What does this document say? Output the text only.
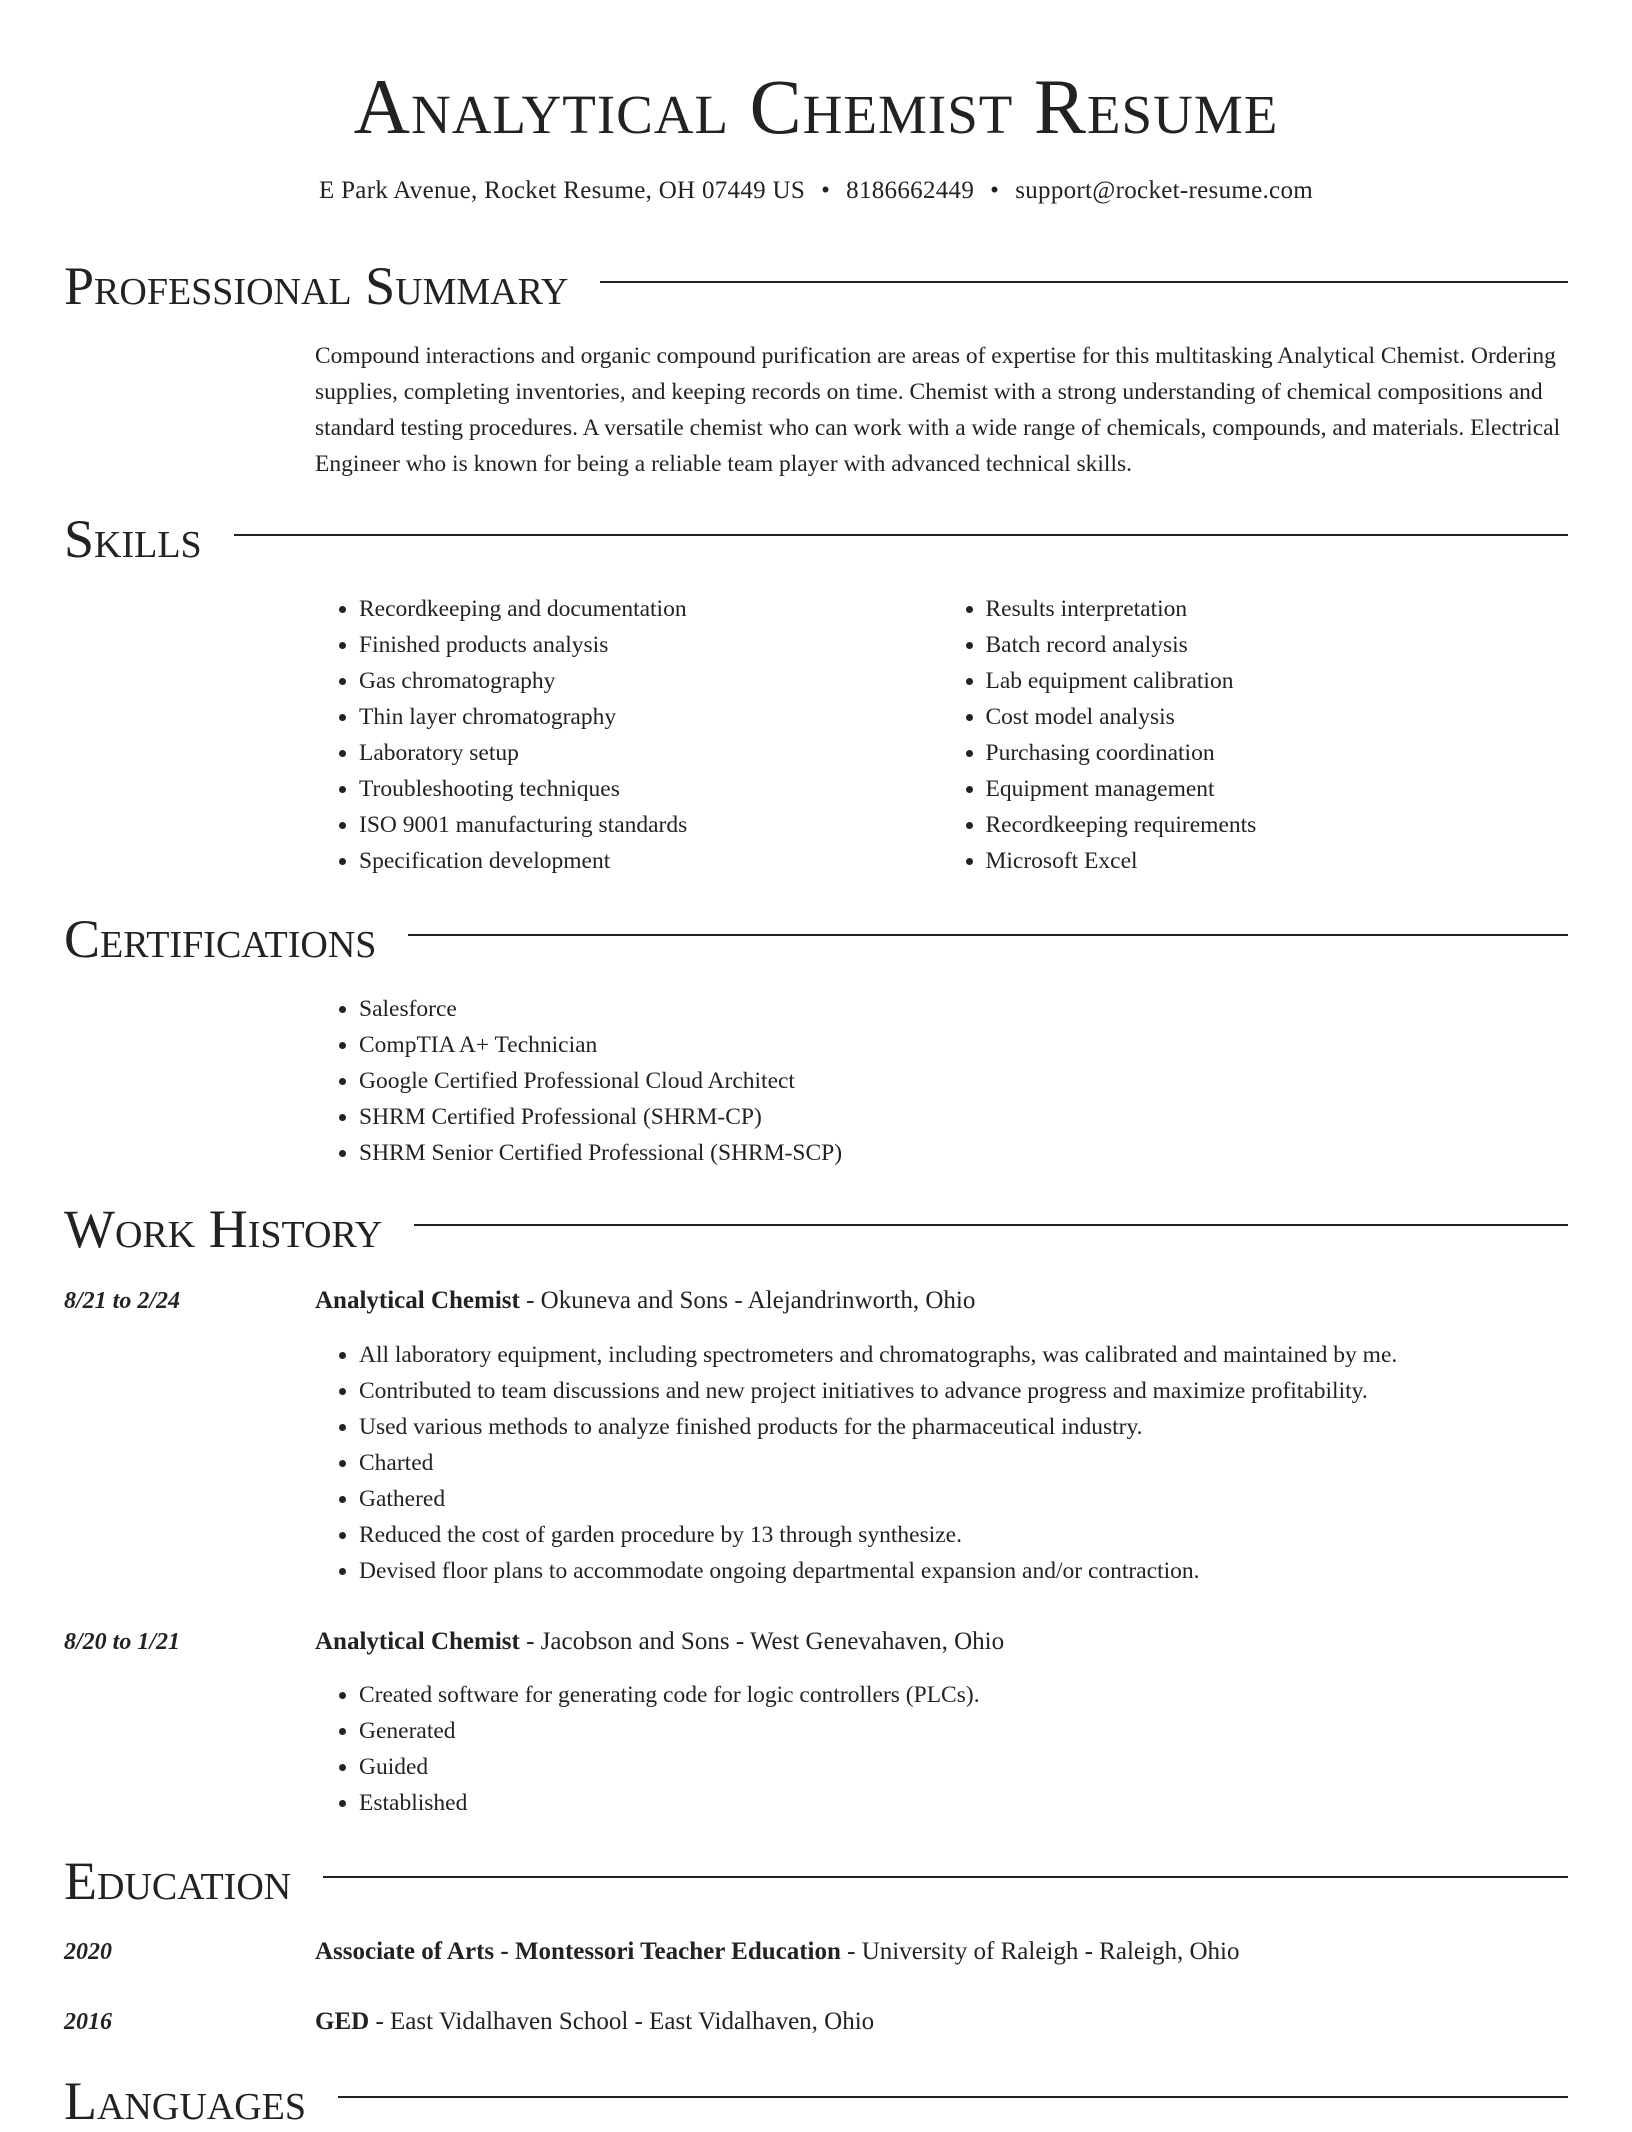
Analytical Chemist Resume
E Park Avenue, Rocket Resume, OH 07449 US • 8186662449 • support@rocket-resume.com
Professional Summary

Compound interactions and organic compound purification are areas of expertise for this multitasking Analytical Chemist. Ordering supplies, completing inventories, and keeping records on time. Chemist with a strong understanding of chemical compositions and standard testing procedures. A versatile chemist who can work with a wide range of chemicals, compounds, and materials. Electrical Engineer who is known for being a reliable team player with advanced technical skills.

Skills
• Recordkeeping and documentation
• Finished products analysis
• Gas chromatography
• Thin layer chromatography
• Laboratory setup
• Troubleshooting techniques
• ISO 9001 manufacturing standards
• Specification development
• Results interpretation
• Batch record analysis
• Lab equipment calibration
• Cost model analysis
• Purchasing coordination
• Equipment management
• Recordkeeping requirements
• Microsoft Excel
Certifications
• Salesforce
• CompTIA A+ Technician
• Google Certified Professional Cloud Architect
• SHRM Certified Professional (SHRM-CP)
• SHRM Senior Certified Professional (SHRM-SCP)
Work History
8/21 to 2/24	Analytical Chemist - Okuneva and Sons - Alejandrinworth, Ohio
• All laboratory equipment, including spectrometers and chromatographs, was calibrated and maintained by me.
• Contributed to team discussions and new project initiatives to advance progress and maximize profitability.
• Used various methods to analyze finished products for the pharmaceutical industry.
• Charted
• Gathered
• Reduced the cost of garden procedure by 13 through synthesize.
• Devised floor plans to accommodate ongoing departmental expansion and/or contraction.
8/20 to 1/21	Analytical Chemist - Jacobson and Sons - West Genevahaven, Ohio
• Created software for generating code for logic controllers (PLCs).
• Generated
• Guided
• Established
Education
2020	Associate of Arts - Montessori Teacher Education - University of Raleigh - Raleigh, Ohio
2016	GED - East Vidalhaven School - East Vidalhaven, Ohio
Languages
